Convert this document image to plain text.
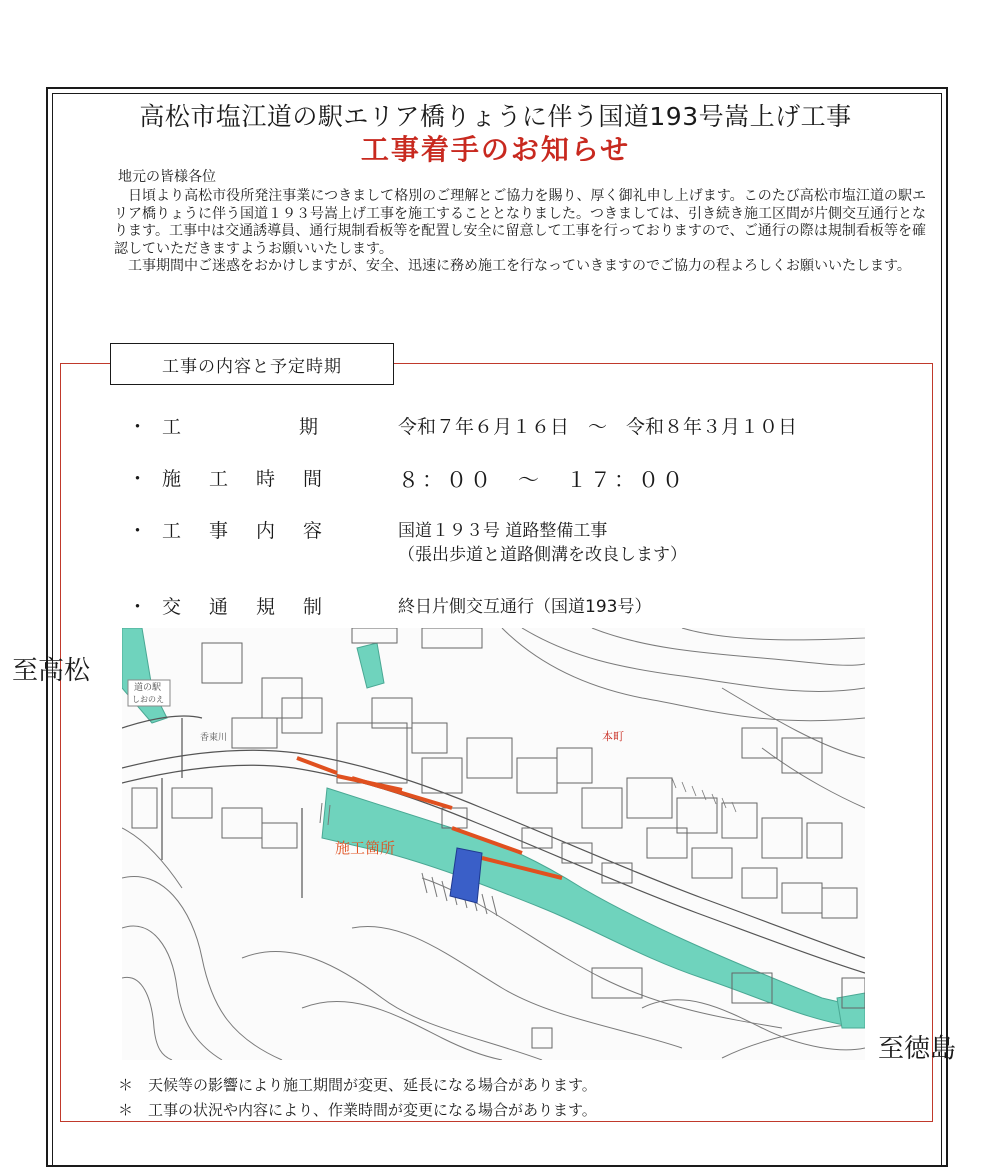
高松市塩江道の駅エリア橋りょうに伴う国道193号嵩上げ工事
工事着手のお知らせ
地元の皆様各位

日頃より高松市役所発注事業につきまして格別のご理解とご協力を賜り、厚く御礼申し上げます。このたび高松市塩江道の駅エリア橋りょうに伴う国道１９３号嵩上げ工事を施工することとなりました。つきましては、引き続き施工区間が片側交互通行となります。工事中は交通誘導員、通行規制看板等を配置し安全に留意して工事を行っておりますので、ご通行の際は規制看板等を確認していただきますようお願いいたします。

工事期間中ご迷惑をおかけしますが、安全、迅速に務め施工を行なっていきますのでご協力の程よろしくお願いいたします。

工事の内容と予定時期
・ 工	期	令和７年６月１６日　～　令和８年３月１０日
・ 施 工 時 間	８：００　～　１７：００
・ 工 事 内 容	国道１９３号 道路整備工事
（張出歩道と道路側溝を改良します）
・ 交 通 規 制	終日片側交互通行（国道193号）
道の駅
しおのえ
香東川	本町
施工箇所
至高松
至徳島
＊ 天候等の影響により施工期間が変更、延長になる場合があります。
＊ 工事の状況や内容により、作業時間が変更になる場合があります。
